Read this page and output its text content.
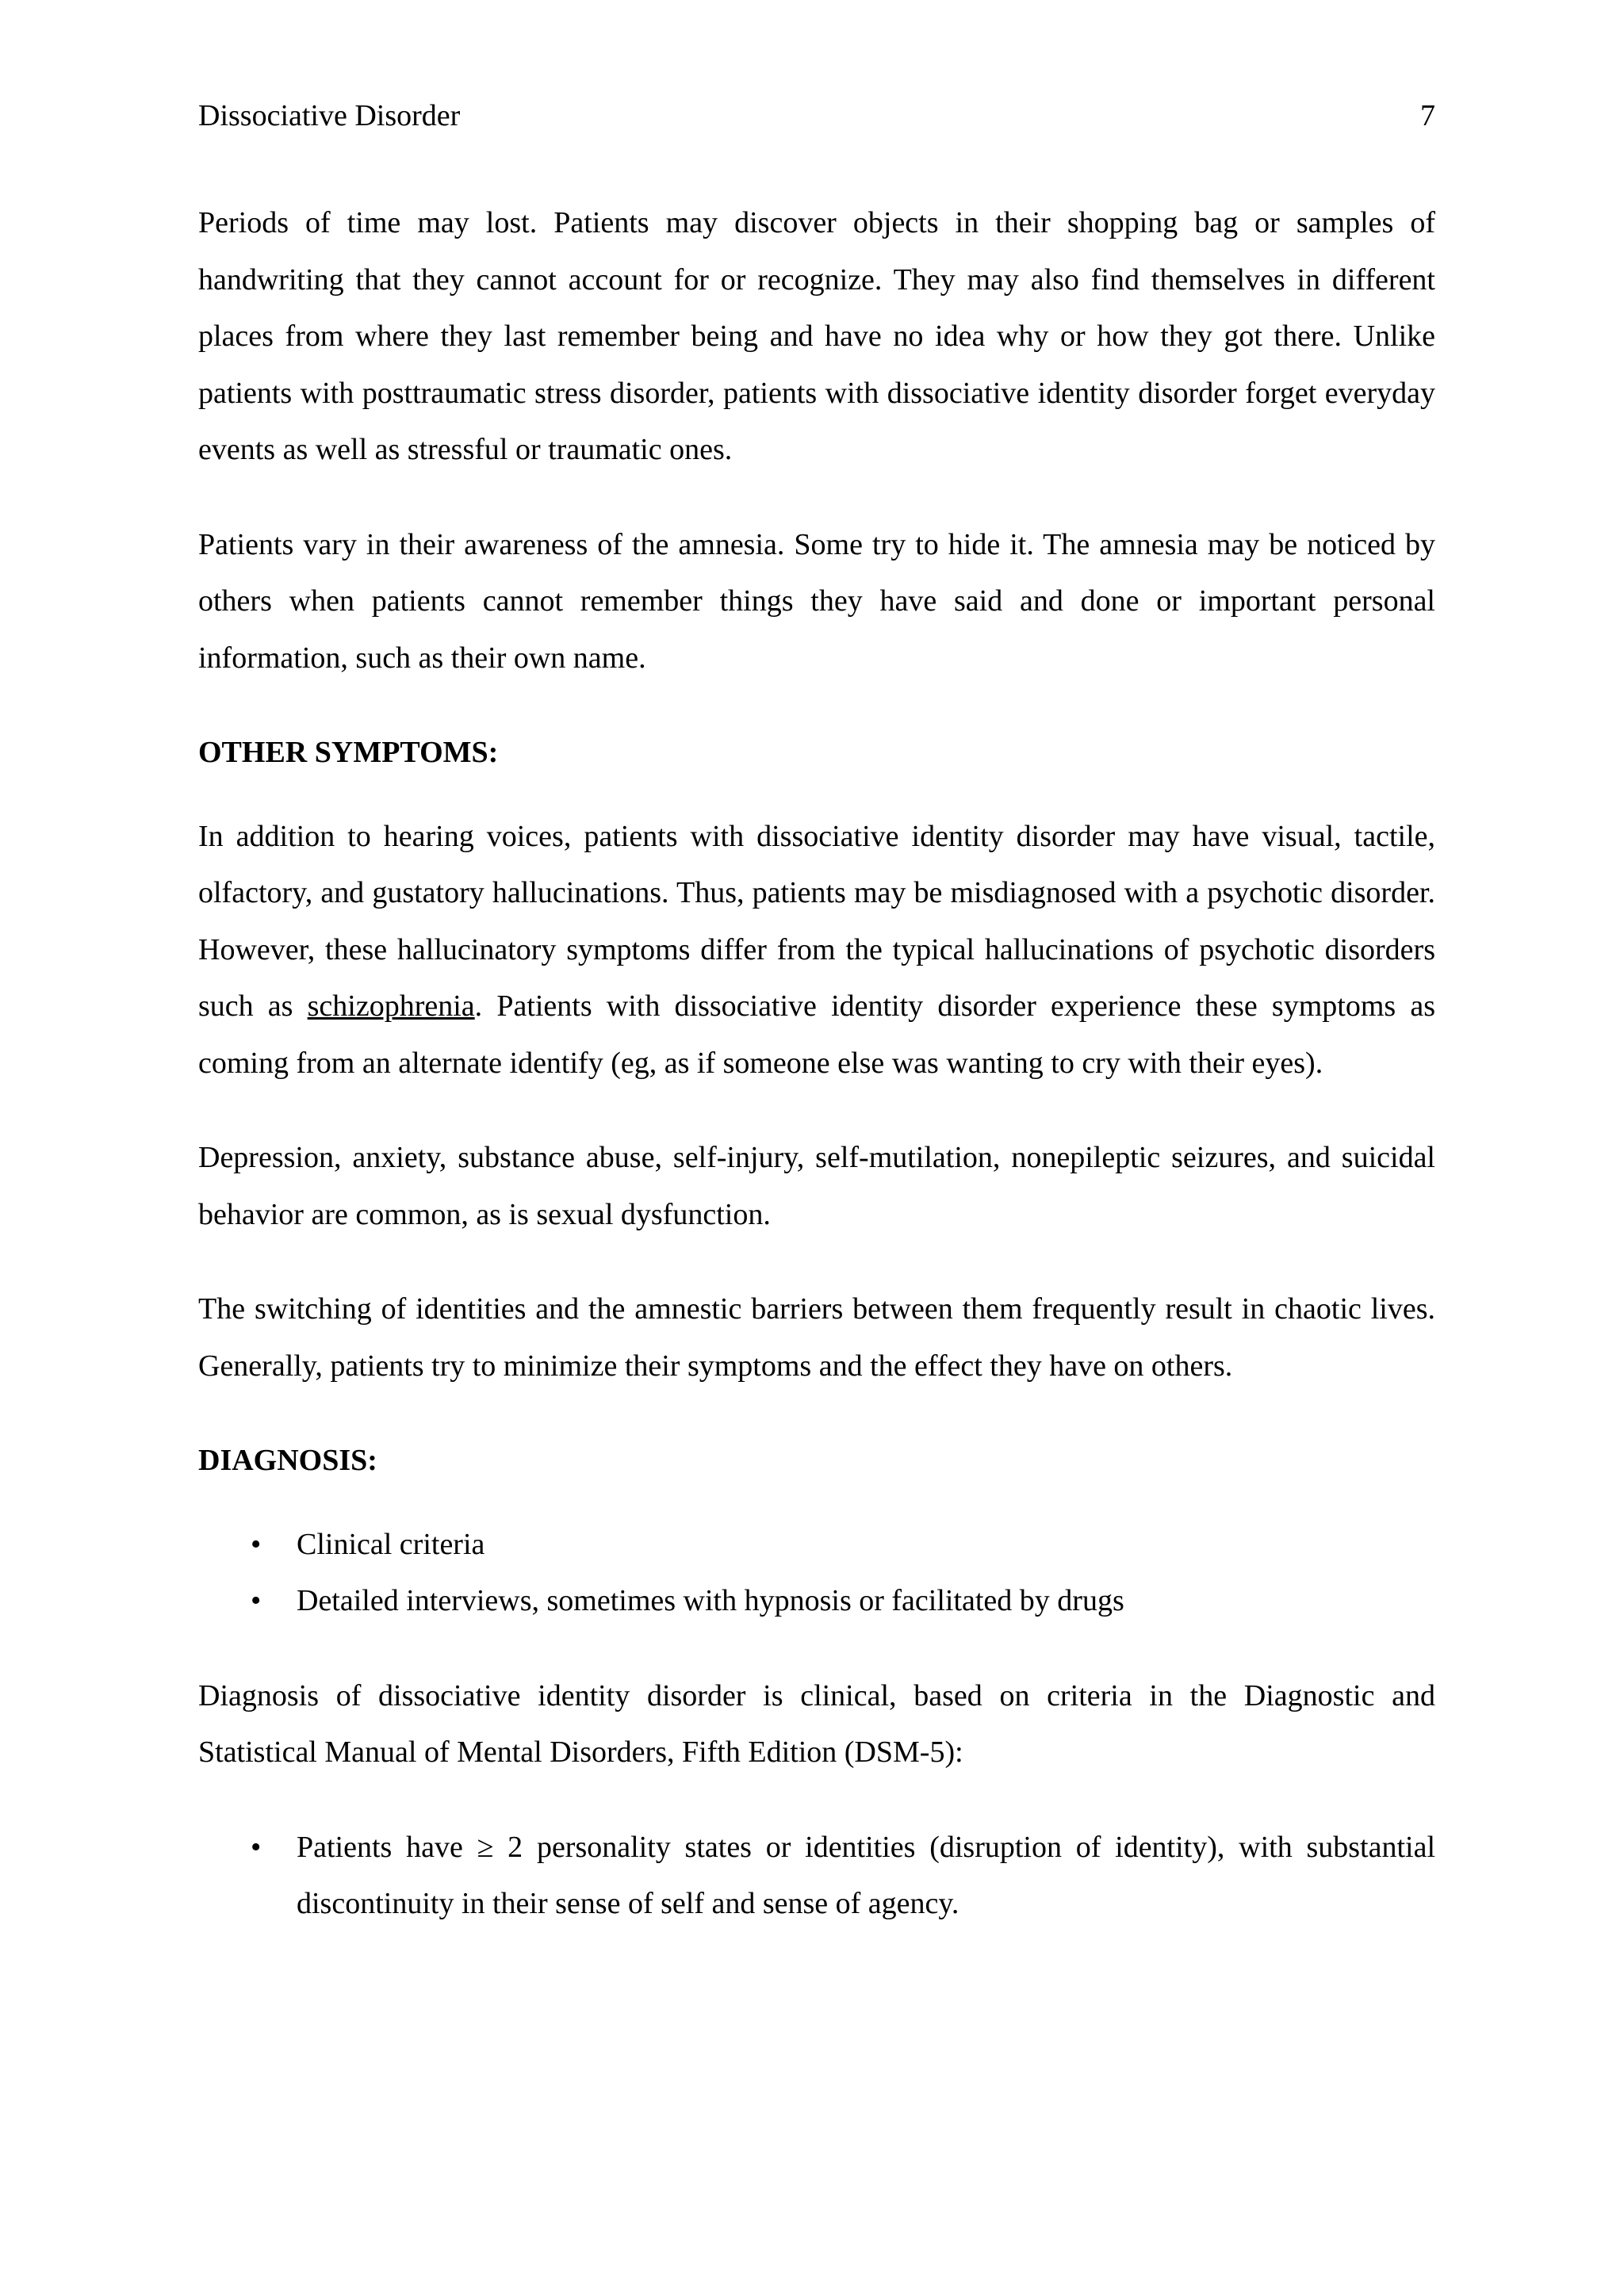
Dissociative Disorder	7

Periods of time may lost. Patients may discover objects in their shopping bag or samples of handwriting that they cannot account for or recognize. They may also find themselves in different places from where they last remember being and have no idea why or how they got there. Unlike patients with posttraumatic stress disorder, patients with dissociative identity disorder forget everyday events as well as stressful or traumatic ones.

Patients vary in their awareness of the amnesia. Some try to hide it. The amnesia may be noticed by others when patients cannot remember things they have said and done or important personal information, such as their own name.

OTHER SYMPTOMS:

In addition to hearing voices, patients with dissociative identity disorder may have visual, tactile, olfactory, and gustatory hallucinations. Thus, patients may be misdiagnosed with a psychotic disorder. However, these hallucinatory symptoms differ from the typical hallucinations of psychotic disorders such as schizophrenia. Patients with dissociative identity disorder experience these symptoms as coming from an alternate identify (eg, as if someone else was wanting to cry with their eyes).

Depression, anxiety, substance abuse, self-injury, self-mutilation, nonepileptic seizures, and suicidal behavior are common, as is sexual dysfunction.

The switching of identities and the amnestic barriers between them frequently result in chaotic lives. Generally, patients try to minimize their symptoms and the effect they have on others.

DIAGNOSIS:
• Clinical criteria
• Detailed interviews, sometimes with hypnosis or facilitated by drugs

Diagnosis of dissociative identity disorder is clinical, based on criteria in the Diagnostic and Statistical Manual of Mental Disorders, Fifth Edition (DSM-5):

• Patients have ≥ 2 personality states or identities (disruption of identity), with substantial discontinuity in their sense of self and sense of agency.
